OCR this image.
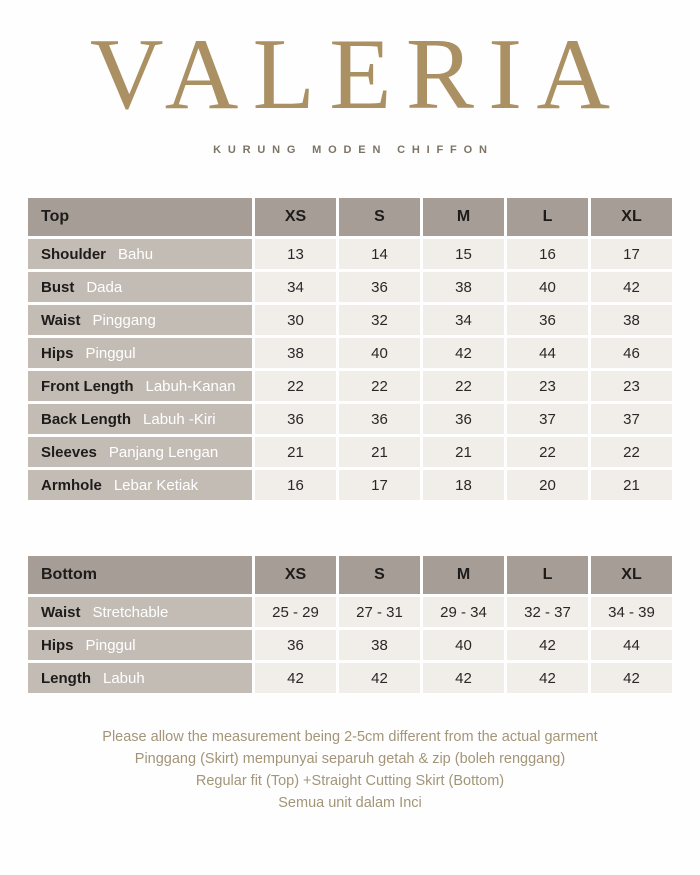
VALERIA
KURUNG MODEN CHIFFON
Top	XS	S	M	L	XL
Shoulder Bahu	13	14	15	16	17
Bust Dada	34	36	38	40	42
Waist Pinggang	30	32	34	36	38
Hips Pinggul	38	40	42	44	46
Front Length Labuh-Kanan	22	22	22	23	23
Back Length Labuh -Kiri	36	36	36	37	37
Sleeves Panjang Lengan	21	21	21	22	22
Armhole Lebar Ketiak	16	17	18	20	21
Bottom	XS	S	M	L	XL
Waist Stretchable	25 - 29	27 - 31	29 - 34	32 - 37	34 - 39
Hips Pinggul	36	38	40	42	44
Length Labuh	42	42	42	42	42
Please allow the measurement being 2-5cm different from the actual garment
Pinggang (Skirt) mempunyai separuh getah & zip (boleh renggang)
Regular fit (Top) +Straight Cutting Skirt (Bottom)
Semua unit dalam Inci
